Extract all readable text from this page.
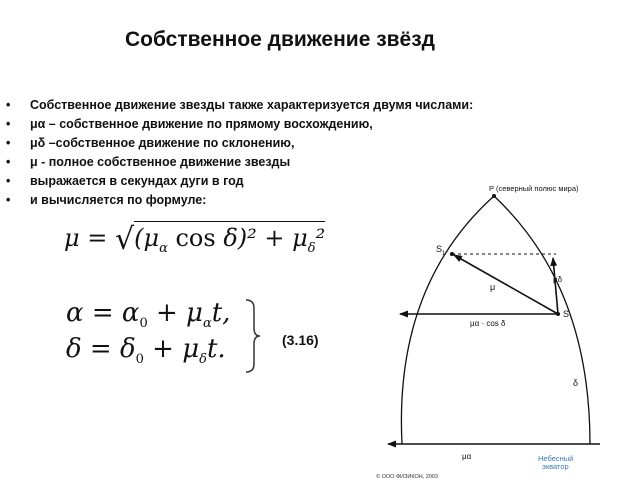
Собственное движение звёзд
• Собственное движение звезды также характеризуется двумя числами:
• μα – собственное движение по прямому восхождению,
• μδ –собственное движение по склонению,
• μ - полное собственное движение звезды
• выражается в секундах дуги в год
• и вычисляется по формуле:
$\mu = √(\mu_\alpha$ $\cos \delta)^2 + \mu_\delta^2$
$\alpha = \alpha_0 + \mu_\alpha t$,
$\delta = \delta_0 + \mu_\delta t$.	(3.16)
P (северный полюс мира)
$S_1$
S
μ
μδ
μα · cos δ
δ
μα	Небесный экватор
© ООО ФИЗИКОН, 2003
